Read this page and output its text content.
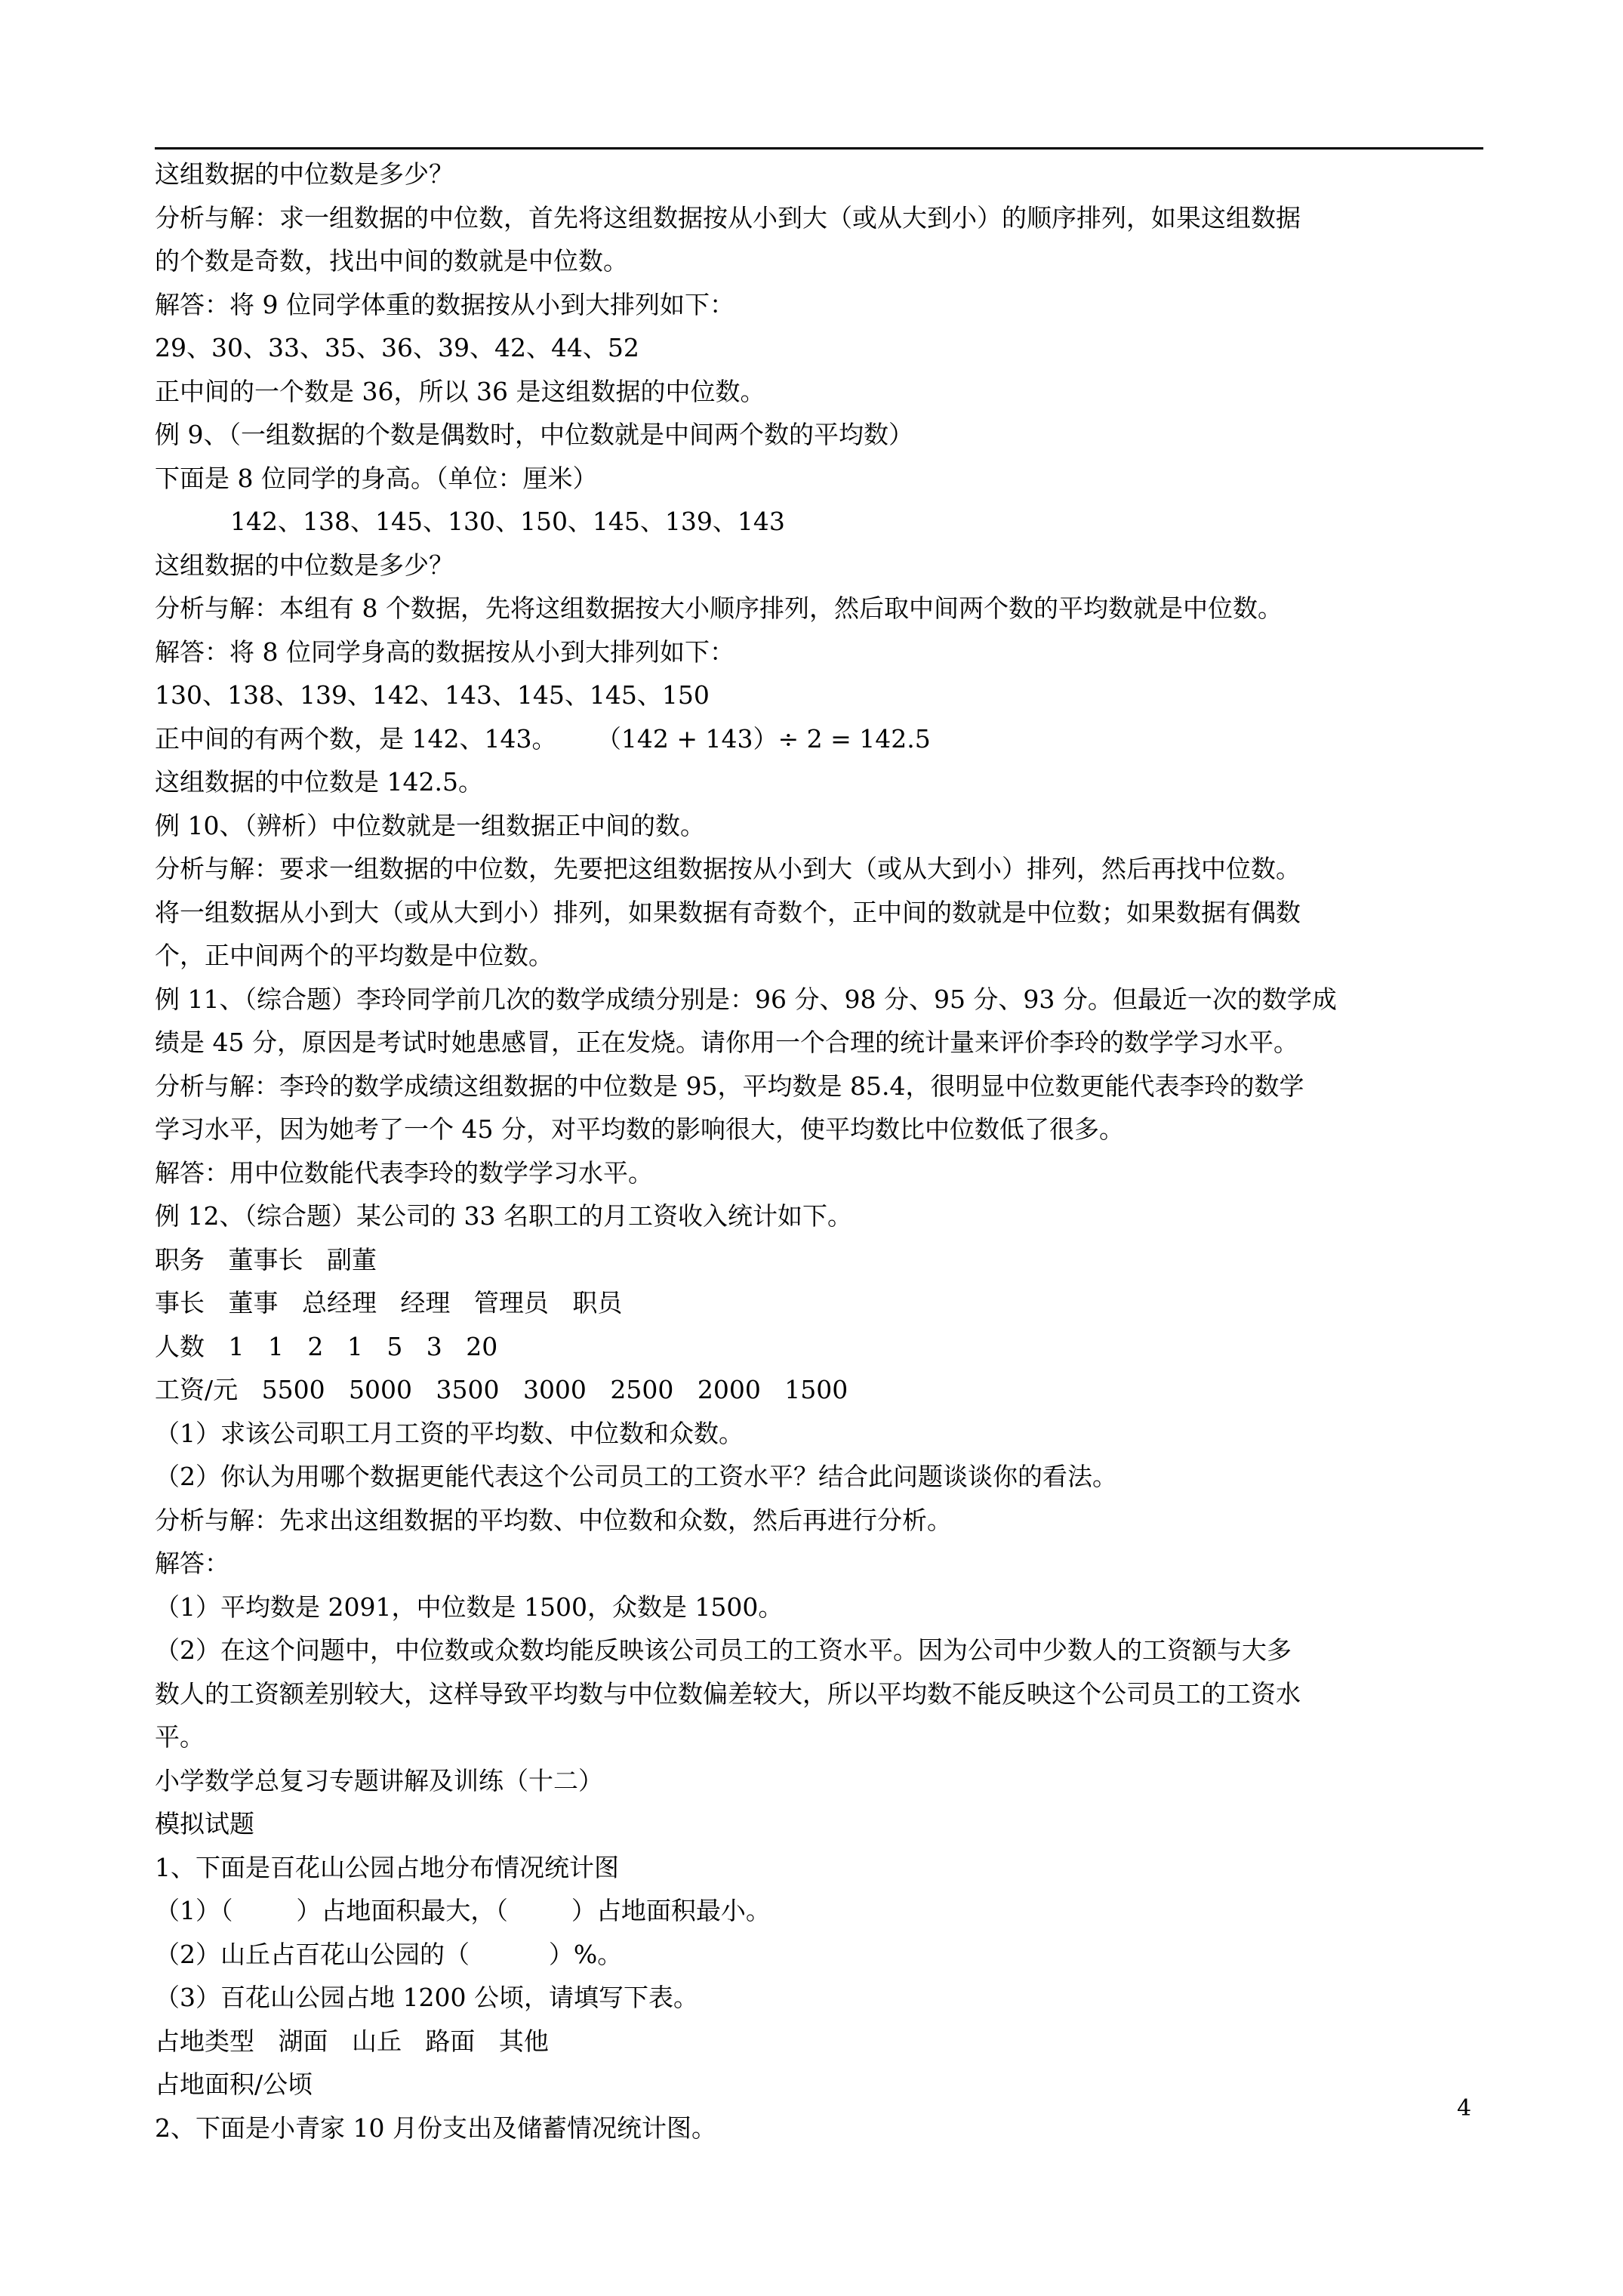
这组数据的中位数是多少？
分析与解：求一组数据的中位数，首先将这组数据按从小到大（或从大到小）的顺序排列，如果这组数据
的个数是奇数，找出中间的数就是中位数。
解答：将 9 位同学体重的数据按从小到大排列如下：
29、30、33、35、36、39、42、44、52
正中间的一个数是 36，所以 36 是这组数据的中位数。
例 9、（一组数据的个数是偶数时，中位数就是中间两个数的平均数）
下面是 8 位同学的身高。（单位：厘米）
142、138、145、130、150、145、139、143
这组数据的中位数是多少？
分析与解：本组有 8 个数据，先将这组数据按大小顺序排列，然后取中间两个数的平均数就是中位数。
解答：将 8 位同学身高的数据按从小到大排列如下：
130、138、139、142、143、145、145、150
正中间的有两个数，是 142、143。     （142 + 143）÷ 2 = 142.5
这组数据的中位数是 142.5。
例 10、（辨析）中位数就是一组数据正中间的数。
分析与解：要求一组数据的中位数，先要把这组数据按从小到大（或从大到小）排列，然后再找中位数。
将一组数据从小到大（或从大到小）排列，如果数据有奇数个，正中间的数就是中位数；如果数据有偶数
个，正中间两个的平均数是中位数。
例 11、（综合题）李玲同学前几次的数学成绩分别是：96 分、98 分、95 分、93 分。但最近一次的数学成
绩是 45 分，原因是考试时她患感冒，正在发烧。请你用一个合理的统计量来评价李玲的数学学习水平。
分析与解：李玲的数学成绩这组数据的中位数是 95，平均数是 85.4，很明显中位数更能代表李玲的数学
学习水平，因为她考了一个 45 分，对平均数的影响很大，使平均数比中位数低了很多。
解答：用中位数能代表李玲的数学学习水平。
例 12、（综合题）某公司的 33 名职工的月工资收入统计如下。
职务   董事长   副董
事长   董事   总经理   经理   管理员   职员
人数   1   1   2   1   5   3   20
工资/元   5500   5000   3500   3000   2500   2000   1500
（1）求该公司职工月工资的平均数、中位数和众数。
（2）你认为用哪个数据更能代表这个公司员工的工资水平？结合此问题谈谈你的看法。
分析与解：先求出这组数据的平均数、中位数和众数，然后再进行分析。
解答：
（1）平均数是 2091，中位数是 1500，众数是 1500。
（2）在这个问题中，中位数或众数均能反映该公司员工的工资水平。因为公司中少数人的工资额与大多
数人的工资额差别较大，这样导致平均数与中位数偏差较大，所以平均数不能反映这个公司员工的工资水
平。
小学数学总复习专题讲解及训练（十二）
模拟试题
1、下面是百花山公园占地分布情况统计图
（1）（        ）占地面积最大，（        ）占地面积最小。
（2）山丘占百花山公园的（          ）%。
（3）百花山公园占地 1200 公顷，请填写下表。
占地类型   湖面   山丘   路面   其他
占地面积/公顷
2、下面是小青家 10 月份支出及储蓄情况统计图。
4
